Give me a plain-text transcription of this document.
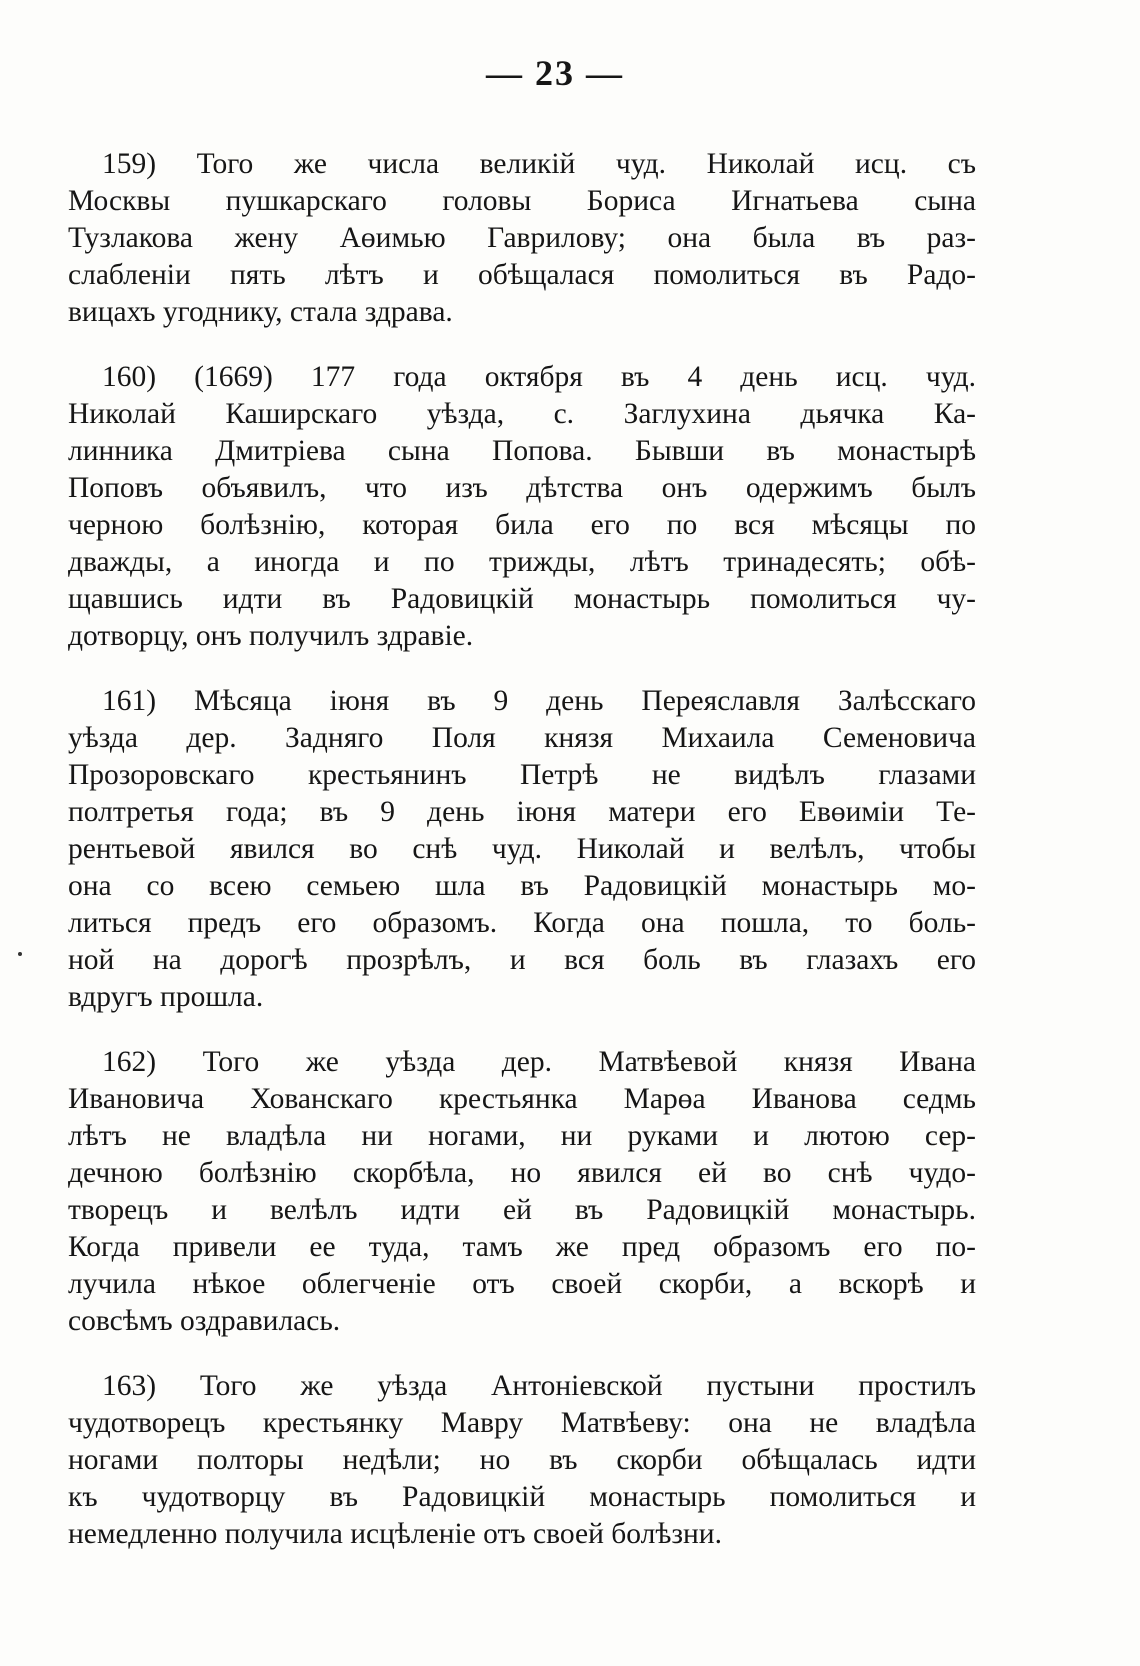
— 23 —
159) Того же числа великiй чуд. Николай исц. съ
Москвы пушкарскаго головы Бориса Игнатьева сына
Тузлакова жену Аөимью Гаврилову; она была въ раз-
слабленiи пять лѣтъ и обѣщалася помолиться въ Радо-
вицахъ угоднику, стала здрава.
160) (1669) 177 года октября въ 4 день исц. чуд.
Николай Каширскаго уѣзда, с. Заглухина дьячка Ка-
линника Дмитрiева сына Попова. Бывши въ монастырѣ
Поповъ объявилъ, что изъ дѣтства онъ одержимъ былъ
черною болѣзнiю, которая била его по вся мѣсяцы по
дважды, а иногда и по трижды, лѣтъ тринадесять; обѣ-
щавшись идти въ Радовицкiй монастырь помолиться чу-
дотворцу, онъ получилъ здравiе.
161) Мѣсяца iюня въ 9 день Переяславля Залѣсскаго
уѣзда дер. Задняго Поля князя Михаила Семеновича
Прозоровскаго крестьянинъ Петрѣ не видѣлъ глазами
полтретья года; въ 9 день iюня матери его Евөимiи Те-
рентьевой явился во снѣ чуд. Николай и велѣлъ, чтобы
она со всею семьею шла въ Радовицкiй монастырь мо-
литься предъ его образомъ. Когда она пошла, то боль-
ной на дорогѣ прозрѣлъ, и вся боль въ глазахъ его
вдругъ прошла.
162) Того же уѣзда дер. Матвѣевой князя Ивана
Ивановича Хованскаго крестьянка Марөа Иванова седмь
лѣтъ не владѣла ни ногами, ни руками и лютою сер-
дечною болѣзнiю скорбѣла, но явился ей во снѣ чудо-
творецъ и велѣлъ идти ей въ Радовицкiй монастырь.
Когда привели ее туда, тамъ же пред образомъ его по-
лучила нѣкое облегченiе отъ своей скорби, а вскорѣ и
совсѣмъ оздравилась.
163) Того же уѣзда Антонiевской пустыни простилъ
чудотворецъ крестьянку Мавру Матвѣеву: она не владѣла
ногами полторы недѣли; но въ скорби обѣщалась идти
къ чудотворцу въ Радовицкiй монастырь помолиться и
немедленно получила исцѣленiе отъ своей болѣзни.
